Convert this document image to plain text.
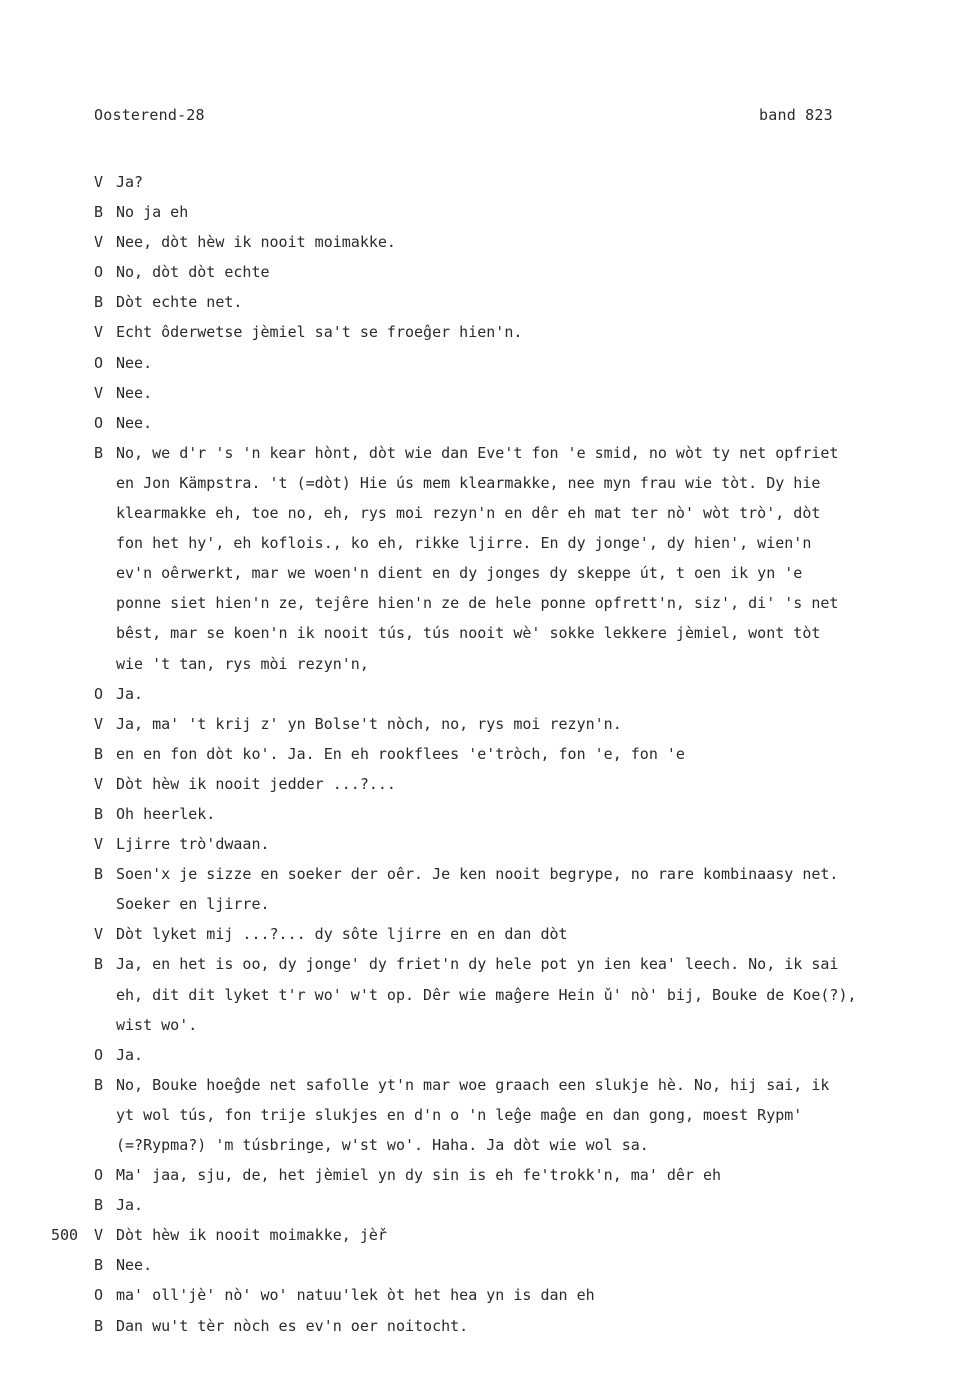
Oosterend-28	band 823
V Ja?
B No ja eh
V Nee, dòt hèw ik nooit moimakke.
O No, dòt dòt echte
B Dòt echte net.
V Echt ôderwetse jèmiel sa't se froeĝer hien'n.
O Nee.
V Nee.
O Nee.
B No, we d'r 's 'n kear hònt, dòt wie dan Eve't fon 'e smid, no wòt ty net opfriet
en Jon Kämpstra. 't (=dòt) Hie ús mem klearmakke, nee myn frau wie tòt. Dy hie
klearmakke eh, toe no, eh, rys moi rezyn'n en dêr eh mat ter nò' wòt trò', dòt
fon het hy', eh koflois., ko eh, rikke ljirre. En dy jonge', dy hien', wien'n
ev'n oêrwerkt, mar we woen'n dient en dy jonges dy skeppe út, t oen ik yn 'e
ponne siet hien'n ze, tejêre hien'n ze de hele ponne opfrett'n, siz', di' 's net
bêst, mar se koen'n ik nooit tús, tús nooit wè' sokke lekkere jèmiel, wont tòt
wie 't tan, rys mòi rezyn'n,
O Ja.
V Ja, ma' 't krij z' yn Bolse't nòch, no, rys moi rezyn'n.
B en en fon dòt ko'. Ja. En eh rookflees 'e'tròch, fon 'e, fon 'e
V Dòt hèw ik nooit jedder ...?...
B Oh heerlek.
V Ljirre trò'dwaan.
B Soen'x je sizze en soeker der oêr. Je ken nooit begrype, no rare kombinaasy net.
Soeker en ljirre.
V Dòt lyket mij ...?... dy sôte ljirre en en dan dòt
B Ja, en het is oo, dy jonge' dy friet'n dy hele pot yn ien kea' leech. No, ik sai
eh, dit dit lyket t'r wo' w't op. Dêr wie maĝere Hein ǔ' nò' bij, Bouke de Koe(?),
wist wo'.
O Ja.
B No, Bouke hoeĝde net safolle yt'n mar woe graach een slukje hè. No, hij sai, ik
yt wol tús, fon trije slukjes en d'n o 'n leĝe maĝe en dan gong, moest Rypm'
(=?Rypma?) 'm túsbringe, w'st wo'. Haha. Ja dòt wie wol sa.
O Ma' jaa, sju, de, het jèmiel yn dy sin is eh fe'trokk'n, ma' dêr eh
B Ja.
500 V Dòt hèw ik nooit moimakke, jèř
B Nee.
O ma' oll'jè' nò' wo' natuu'lek òt het hea yn is dan eh
B Dan wu't tèr nòch es ev'n oer noitocht.
